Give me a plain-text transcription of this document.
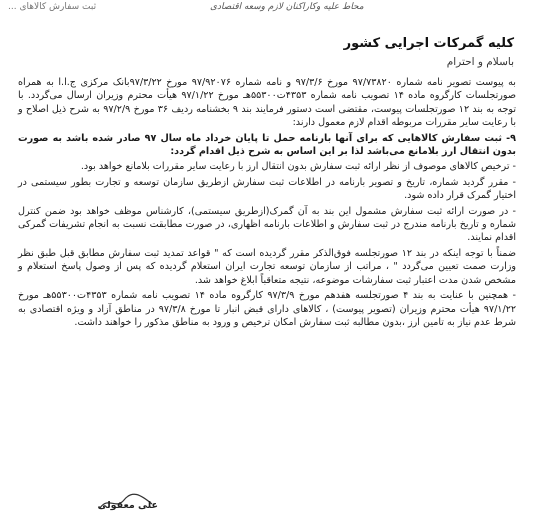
ثبت سفارش کالاهای ...	محاط علیه وکاراکنان لازم وسعه اقتصادی
کلیه گمرکات اجرایی کشور
باسلام و احترام

به پیوست تصویر نامه شماره ۹۷/۷۳۸۲۰ مورخ ۹۷/۳/۶ و نامه شماره ۹۷/۹۲۰۷۶ مورخ ۹۷/۳/۲۲بانک مرکزی ج.ا.ا به همراه صورتجلسات کارگروه ماده ۱۴ تصویب نامه شماره ۴۳۵۳ت۵۵۳۰۰هـ مورخ ۹۷/۱/۲۲ هیأت محترم وزیران ارسال می‌گردد. با توجه به بند ۱۲ صورتجلسات پیوست، مقتضی است دستور فرمایند بند ۹ بخشنامه ردیف ۳۶ مورخ ۹۷/۲/۹ به شرح ذیل اصلاح و با رعایت سایر مقررات مربوطه اقدام لازم معمول دارند:

۹- ثبت سفارش کالاهایی که برای آنها بارنامه حمل تا پایان خرداد ماه سال ۹۷ صادر شده باشد به صورت بدون انتقال ارز بلامانع می‌باشد لذا بر این اساس به شرح ذیل اقدام گردد:

- ترخیص کالاهای موصوف از نظر ارائه ثبت سفارش بدون انتقال ارز با رعایت سایر مقررات بلامانع خواهد بود.

- مقرر گردید شماره، تاریخ و تصویر بارنامه در اطلاعات ثبت سفارش ازطریق سازمان توسعه و تجارت بطور سیستمی در اختیار گمرک قرار داده شود.

- در صورت ارائه ثبت سفارش مشمول این بند به آن گمرک(ازطریق سیستمی)، کارشناس موظف خواهد بود ضمن کنترل شماره و تاریخ بارنامه مندرج در ثبت سفارش و اطلاعات بارنامه اظهاری، در صورت مطابقت نسبت به انجام تشریفات گمرکی اقدام نمایند.

ضمناً با توجه اینکه در بند ۱۲ صورتجلسه فوق‌الذکر مقرر گردیده است که " قواعد تمدید ثبت سفارش مطابق قبل طبق نظر وزارت صمت تعیین می‌گردد " ، مراتب از سازمان توسعه تجارت ایران استعلام گردیده که پس از وصول پاسخ استعلام و مشخص شدن مدت اعتبار ثبت سفارشات موضوعه، نتیجه متعاقباً ابلاغ خواهد شد.

- همچنین با عنایت به بند ۴ صورتجلسه هفدهم مورخ ۹۷/۳/۹ کارگروه ماده ۱۴ تصویب نامه شماره ۴۳۵۳ت۵۵۳۰۰هـ مورخ ۹۷/۱/۲۲ هیأت محترم وزیران (تصویر پیوست) ، کالاهای دارای قبض انبار تا مورخ ۹۷/۳/۸ در مناطق آزاد و ویژه اقتصادی به شرط عدم نیاز به تامین ارز ،بدون مطالبه ثبت سفارش امکان ترخیص و ورود به مناطق مذکور را خواهند داشت.

علی معقولی
